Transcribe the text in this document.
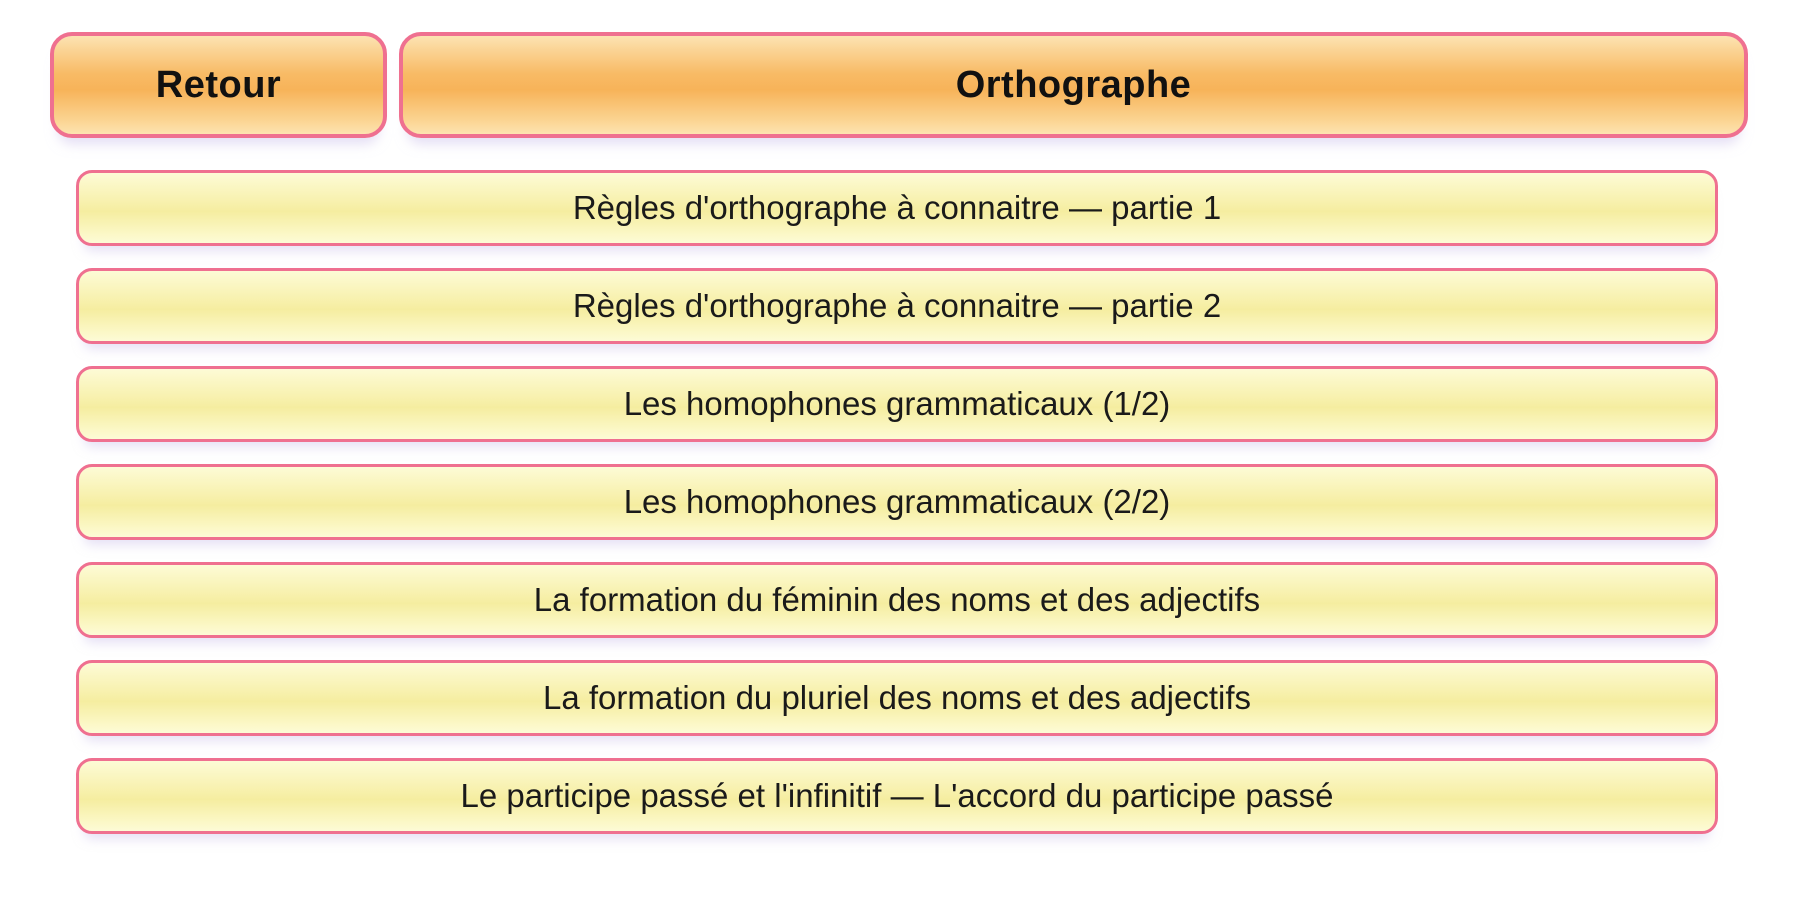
Retour	Orthographe
Règles d'orthographe à connaitre — partie 1
Règles d'orthographe à connaitre — partie 2
Les homophones grammaticaux (1/2)
Les homophones grammaticaux (2/2)
La formation du féminin des noms et des adjectifs
La formation du pluriel des noms et des adjectifs
Le participe passé et l'infinitif — L'accord du participe passé
